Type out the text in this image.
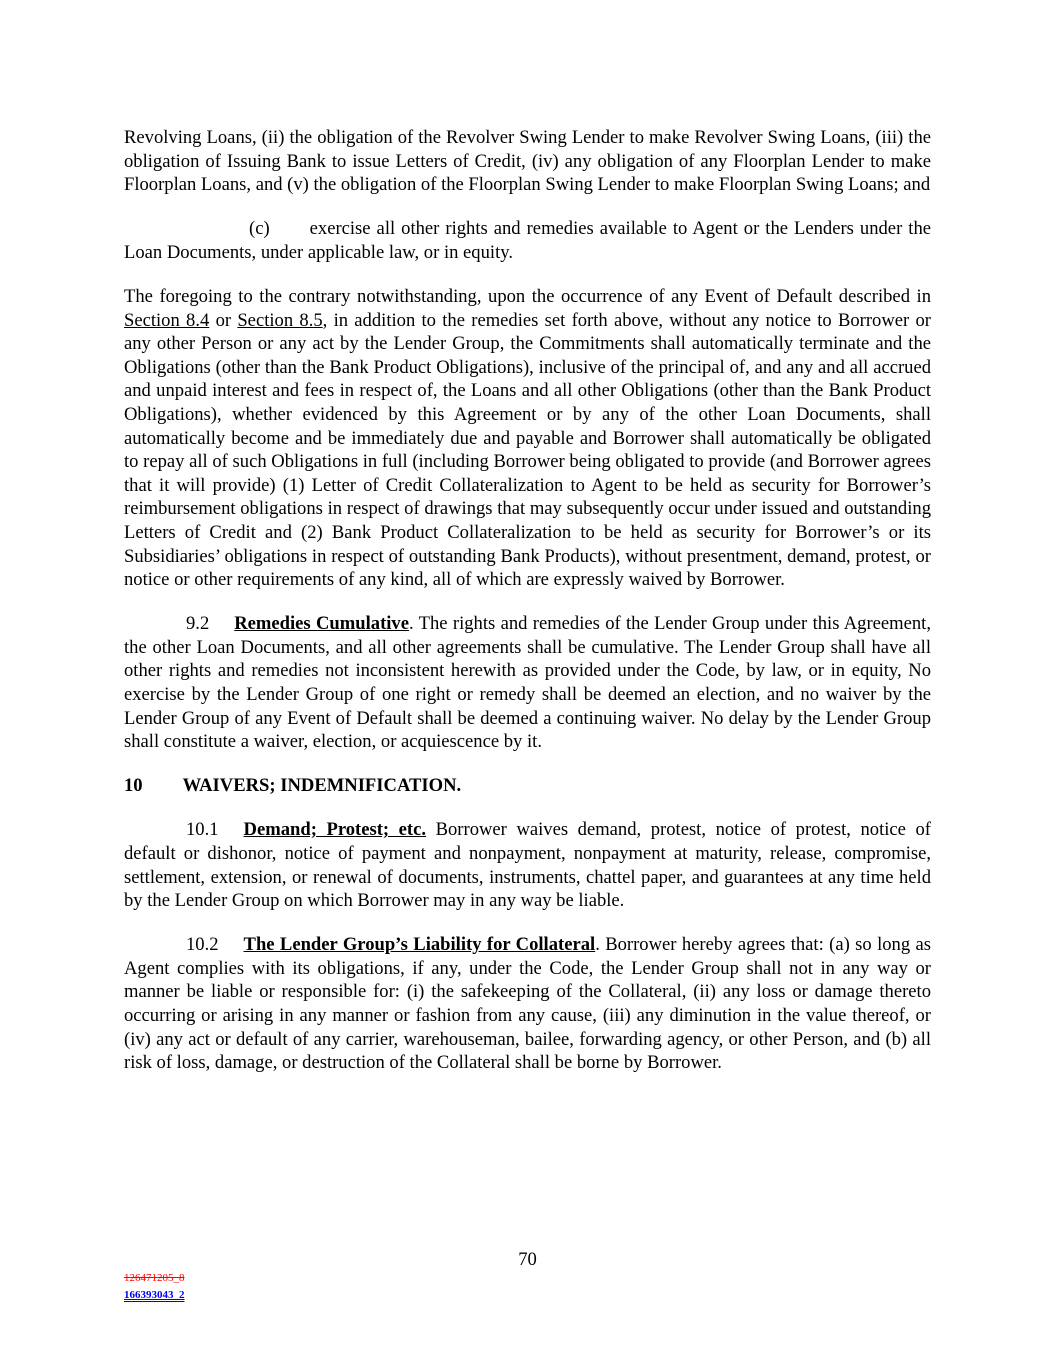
Revolving Loans, (ii) the obligation of the Revolver Swing Lender to make Revolver Swing Loans, (iii) the obligation of Issuing Bank to issue Letters of Credit, (iv) any obligation of any Floorplan Lender to make Floorplan Loans, and (v) the obligation of the Floorplan Swing Lender to make Floorplan Swing Loans; and

(c) exercise all other rights and remedies available to Agent or the Lenders under the Loan Documents, under applicable law, or in equity.

The foregoing to the contrary notwithstanding, upon the occurrence of any Event of Default described in Section 8.4 or Section 8.5, in addition to the remedies set forth above, without any notice to Borrower or any other Person or any act by the Lender Group, the Commitments shall automatically terminate and the Obligations (other than the Bank Product Obligations), inclusive of the principal of, and any and all accrued and unpaid interest and fees in respect of, the Loans and all other Obligations (other than the Bank Product Obligations), whether evidenced by this Agreement or by any of the other Loan Documents, shall automatically become and be immediately due and payable and Borrower shall automatically be obligated to repay all of such Obligations in full (including Borrower being obligated to provide (and Borrower agrees that it will provide) (1) Letter of Credit Collateralization to Agent to be held as security for Borrower’s reimbursement obligations in respect of drawings that may subsequently occur under issued and outstanding Letters of Credit and (2) Bank Product Collateralization to be held as security for Borrower’s or its Subsidiaries’ obligations in respect of outstanding Bank Products), without presentment, demand, protest, or notice or other requirements of any kind, all of which are expressly waived by Borrower.

9.2 Remedies Cumulative. The rights and remedies of the Lender Group under this Agreement, the other Loan Documents, and all other agreements shall be cumulative. The Lender Group shall have all other rights and remedies not inconsistent herewith as provided under the Code, by law, or in equity, No exercise by the Lender Group of one right or remedy shall be deemed an election, and no waiver by the Lender Group of any Event of Default shall be deemed a continuing waiver. No delay by the Lender Group shall constitute a waiver, election, or acquiescence by it.

10 WAIVERS; INDEMNIFICATION.

10.1 Demand; Protest; etc. Borrower waives demand, protest, notice of protest, notice of default or dishonor, notice of payment and nonpayment, nonpayment at maturity, release, compromise, settlement, extension, or renewal of documents, instruments, chattel paper, and guarantees at any time held by the Lender Group on which Borrower may in any way be liable.

10.2 The Lender Group’s Liability for Collateral. Borrower hereby agrees that: (a) so long as Agent complies with its obligations, if any, under the Code, the Lender Group shall not in any way or manner be liable or responsible for: (i) the safekeeping of the Collateral, (ii) any loss or damage thereto occurring or arising in any manner or fashion from any cause, (iii) any diminution in the value thereof, or (iv) any act or default of any carrier, warehouseman, bailee, forwarding agency, or other Person, and (b) all risk of loss, damage, or destruction of the Collateral shall be borne by Borrower.

70
126471205_8
166393043_2
